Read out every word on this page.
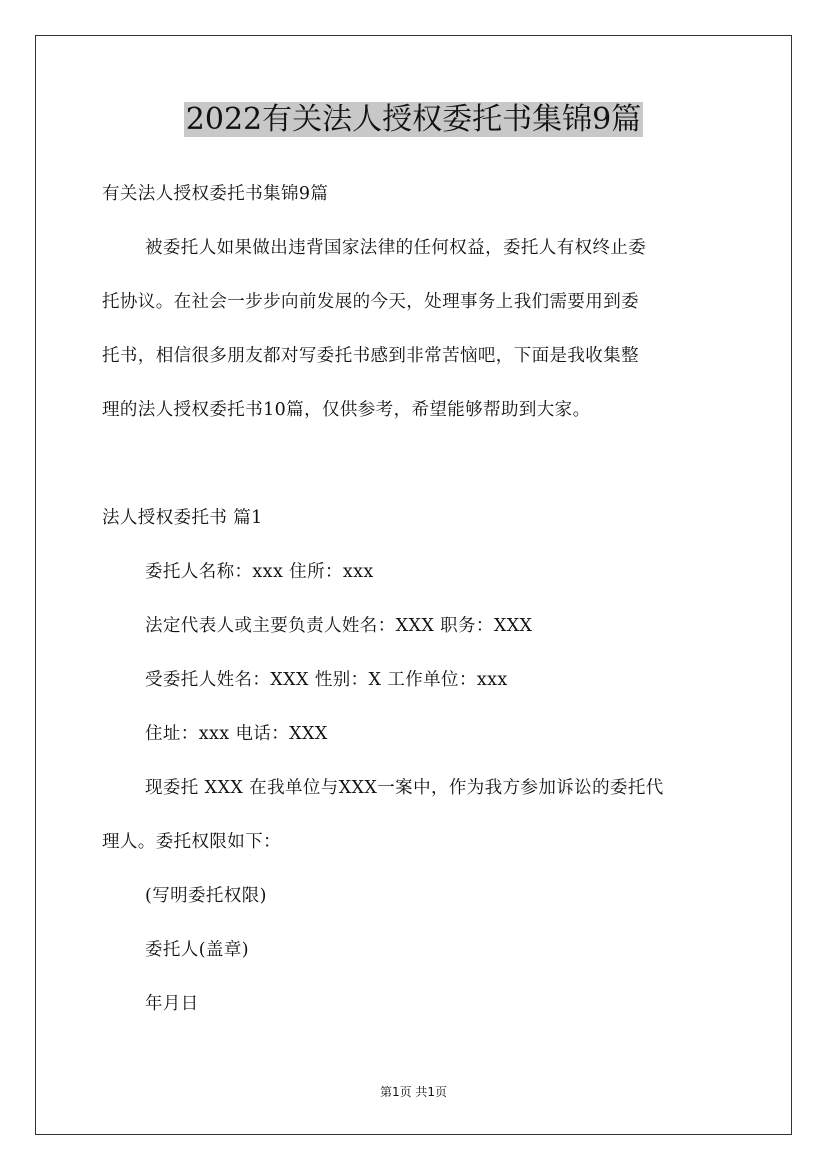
2022有关法人授权委托书集锦9篇
有关法人授权委托书集锦9篇
被委托人如果做出违背国家法律的任何权益，委托人有权终止委
托协议。在社会一步步向前发展的今天，处理事务上我们需要用到委
托书，相信很多朋友都对写委托书感到非常苦恼吧，下面是我收集整
理的法人授权委托书10篇，仅供参考，希望能够帮助到大家。
法人授权委托书 篇1
委托人名称：xxx 住所：xxx
法定代表人或主要负责人姓名：XXX 职务：XXX
受委托人姓名：XXX 性别：X 工作单位：xxx
住址：xxx 电话：XXX
现委托 XXX 在我单位与XXX一案中，作为我方参加诉讼的委托代
理人。委托权限如下：
(写明委托权限)
委托人(盖章)
年月日
第1页 共1页
